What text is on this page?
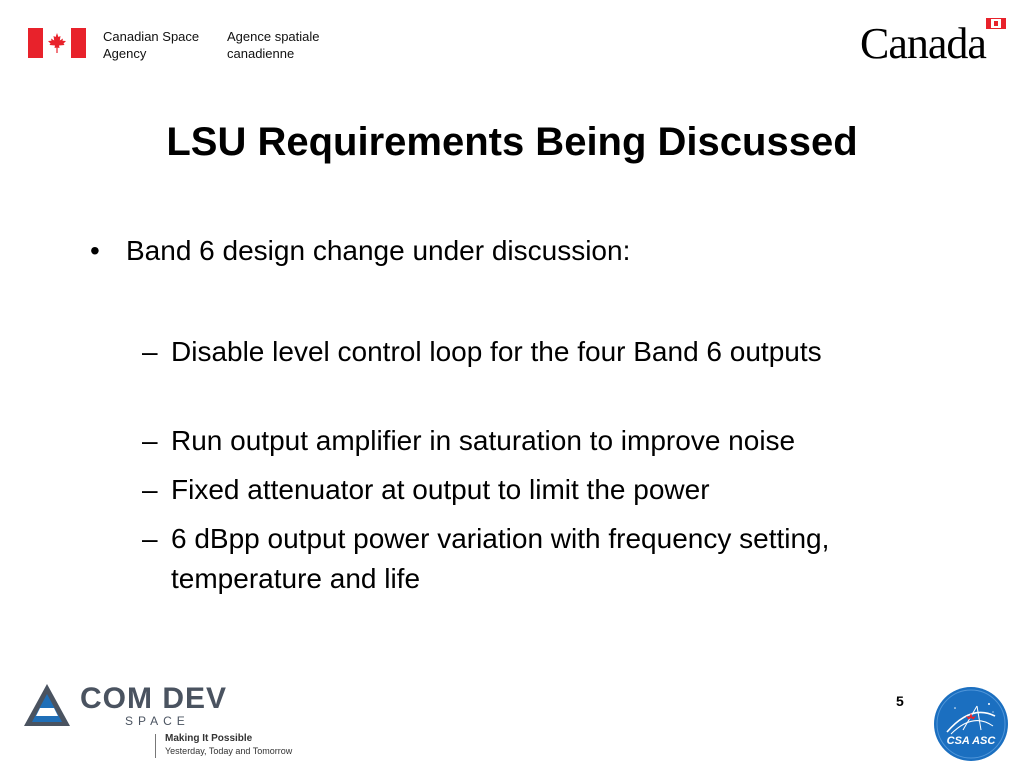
Canadian Space
Agency
Agence spatiale
canadienne	Canada
LSU Requirements Being Discussed
• Band 6 design change under discussion:
– Disable level control loop for the four Band 6 outputs
– Run output amplifier in saturation to improve noise
– Fixed attenuator at output to limit the power
– 6 dBpp output power variation with frequency setting, temperature and life
COM DEV
SPACE
Making It Possible
Yesterday, Today and Tomorrow
5
CSA ASC
